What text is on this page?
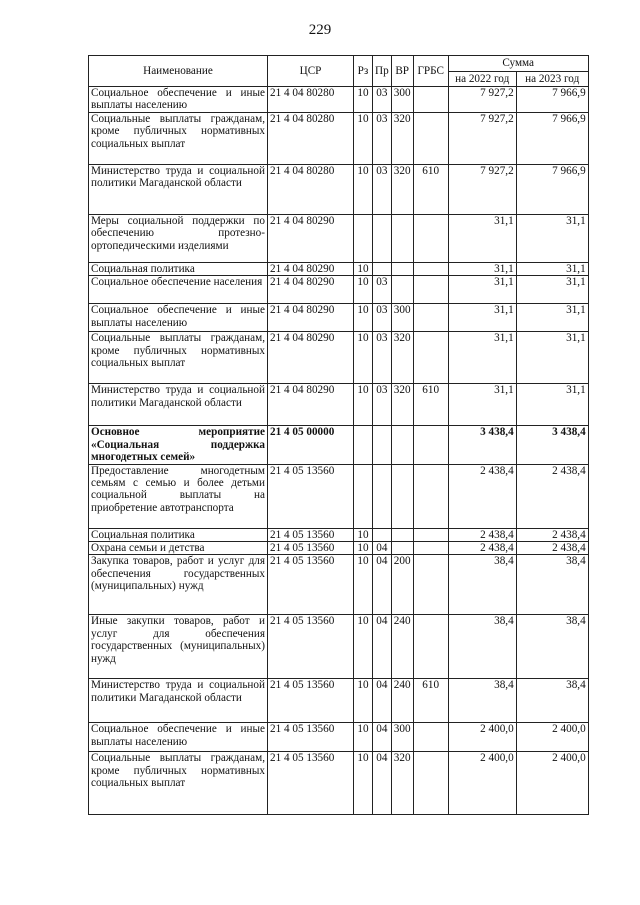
229
Наименование	ЦСР	Рз	Пр	ВР	ГРБС	Сумма	
						на 2022 год	на 2023 год
Социальное обеспечение и иные выплаты населению	21 4 04 80280	10	03	300		7 927,2	7 966,9
Социальные выплаты гражданам, кроме публичных нормативных социальных выплат	21 4 04 80280	10	03	320		7 927,2	7 966,9
Министерство труда и социальной политики Магаданской области	21 4 04 80280	10	03	320	610	7 927,2	7 966,9
Меры социальной поддержки по обеспечению протезно-ортопедическими изделиями	21 4 04 80290					31,1	31,1
Социальная политика	21 4 04 80290	10				31,1	31,1
Социальное обеспечение населения	21 4 04 80290	10	03			31,1	31,1
Социальное обеспечение и иные выплаты населению	21 4 04 80290	10	03	300		31,1	31,1
Социальные выплаты гражданам, кроме публичных нормативных социальных выплат	21 4 04 80290	10	03	320		31,1	31,1
Министерство труда и социальной политики Магаданской области	21 4 04 80290	10	03	320	610	31,1	31,1
Основное мероприятие «Социальная поддержка многодетных семей»	21 4 05 00000					3 438,4	3 438,4
Предоставление многодетным семьям с семью и более детьми социальной выплаты на приобретение автотранспорта	21 4 05 13560					2 438,4	2 438,4
Социальная политика	21 4 05 13560	10				2 438,4	2 438,4
Охрана семьи и детства	21 4 05 13560	10	04			2 438,4	2 438,4
Закупка товаров, работ и услуг для обеспечения государственных (муниципальных) нужд	21 4 05 13560	10	04	200		38,4	38,4
Иные закупки товаров, работ и услуг для обеспечения государственных (муниципальных) нужд	21 4 05 13560	10	04	240		38,4	38,4
Министерство труда и социальной политики Магаданской области	21 4 05 13560	10	04	240	610	38,4	38,4
Социальное обеспечение и иные выплаты населению	21 4 05 13560	10	04	300		2 400,0	2 400,0
Социальные выплаты гражданам, кроме публичных нормативных социальных выплат	21 4 05 13560	10	04	320		2 400,0	2 400,0
